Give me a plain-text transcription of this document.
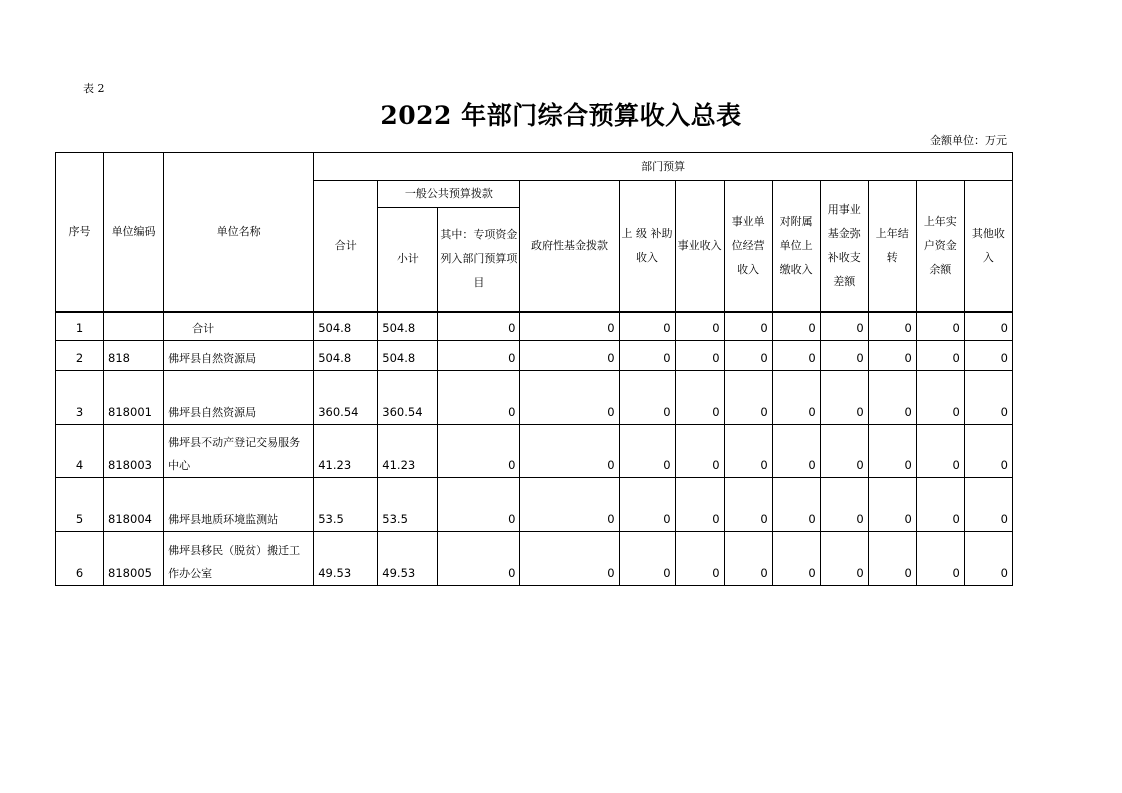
表 2
2022 年部门综合预算收入总表
金额单位：万元
序号	单位编码	单位名称	部门预算											
			合计	一般公共预算拨款		政府性基金拨款	上 级 补助收入	事业收入	事业单位经营收入	对附属单位上缴收入	用事业基金弥补收支差额	上年结转	上年实户资金余额	其他收入
				小计	其中：专项资金列入部门预算项目									
1		合计	504.8	504.8	0	0	0	0	0	0	0	0	0	0
2	818	佛坪县自然资源局	504.8	504.8	0	0	0	0	0	0	0	0	0	0
3	818001	佛坪县自然资源局	360.54	360.54	0	0	0	0	0	0	0	0	0	0
4	818003	佛坪县不动产登记交易服务中心	41.23	41.23	0	0	0	0	0	0	0	0	0	0
5	818004	佛坪县地质环境监测站	53.5	53.5	0	0	0	0	0	0	0	0	0	0
6	818005	佛坪县移民（脱贫）搬迁工作办公室	49.53	49.53	0	0	0	0	0	0	0	0	0	0
